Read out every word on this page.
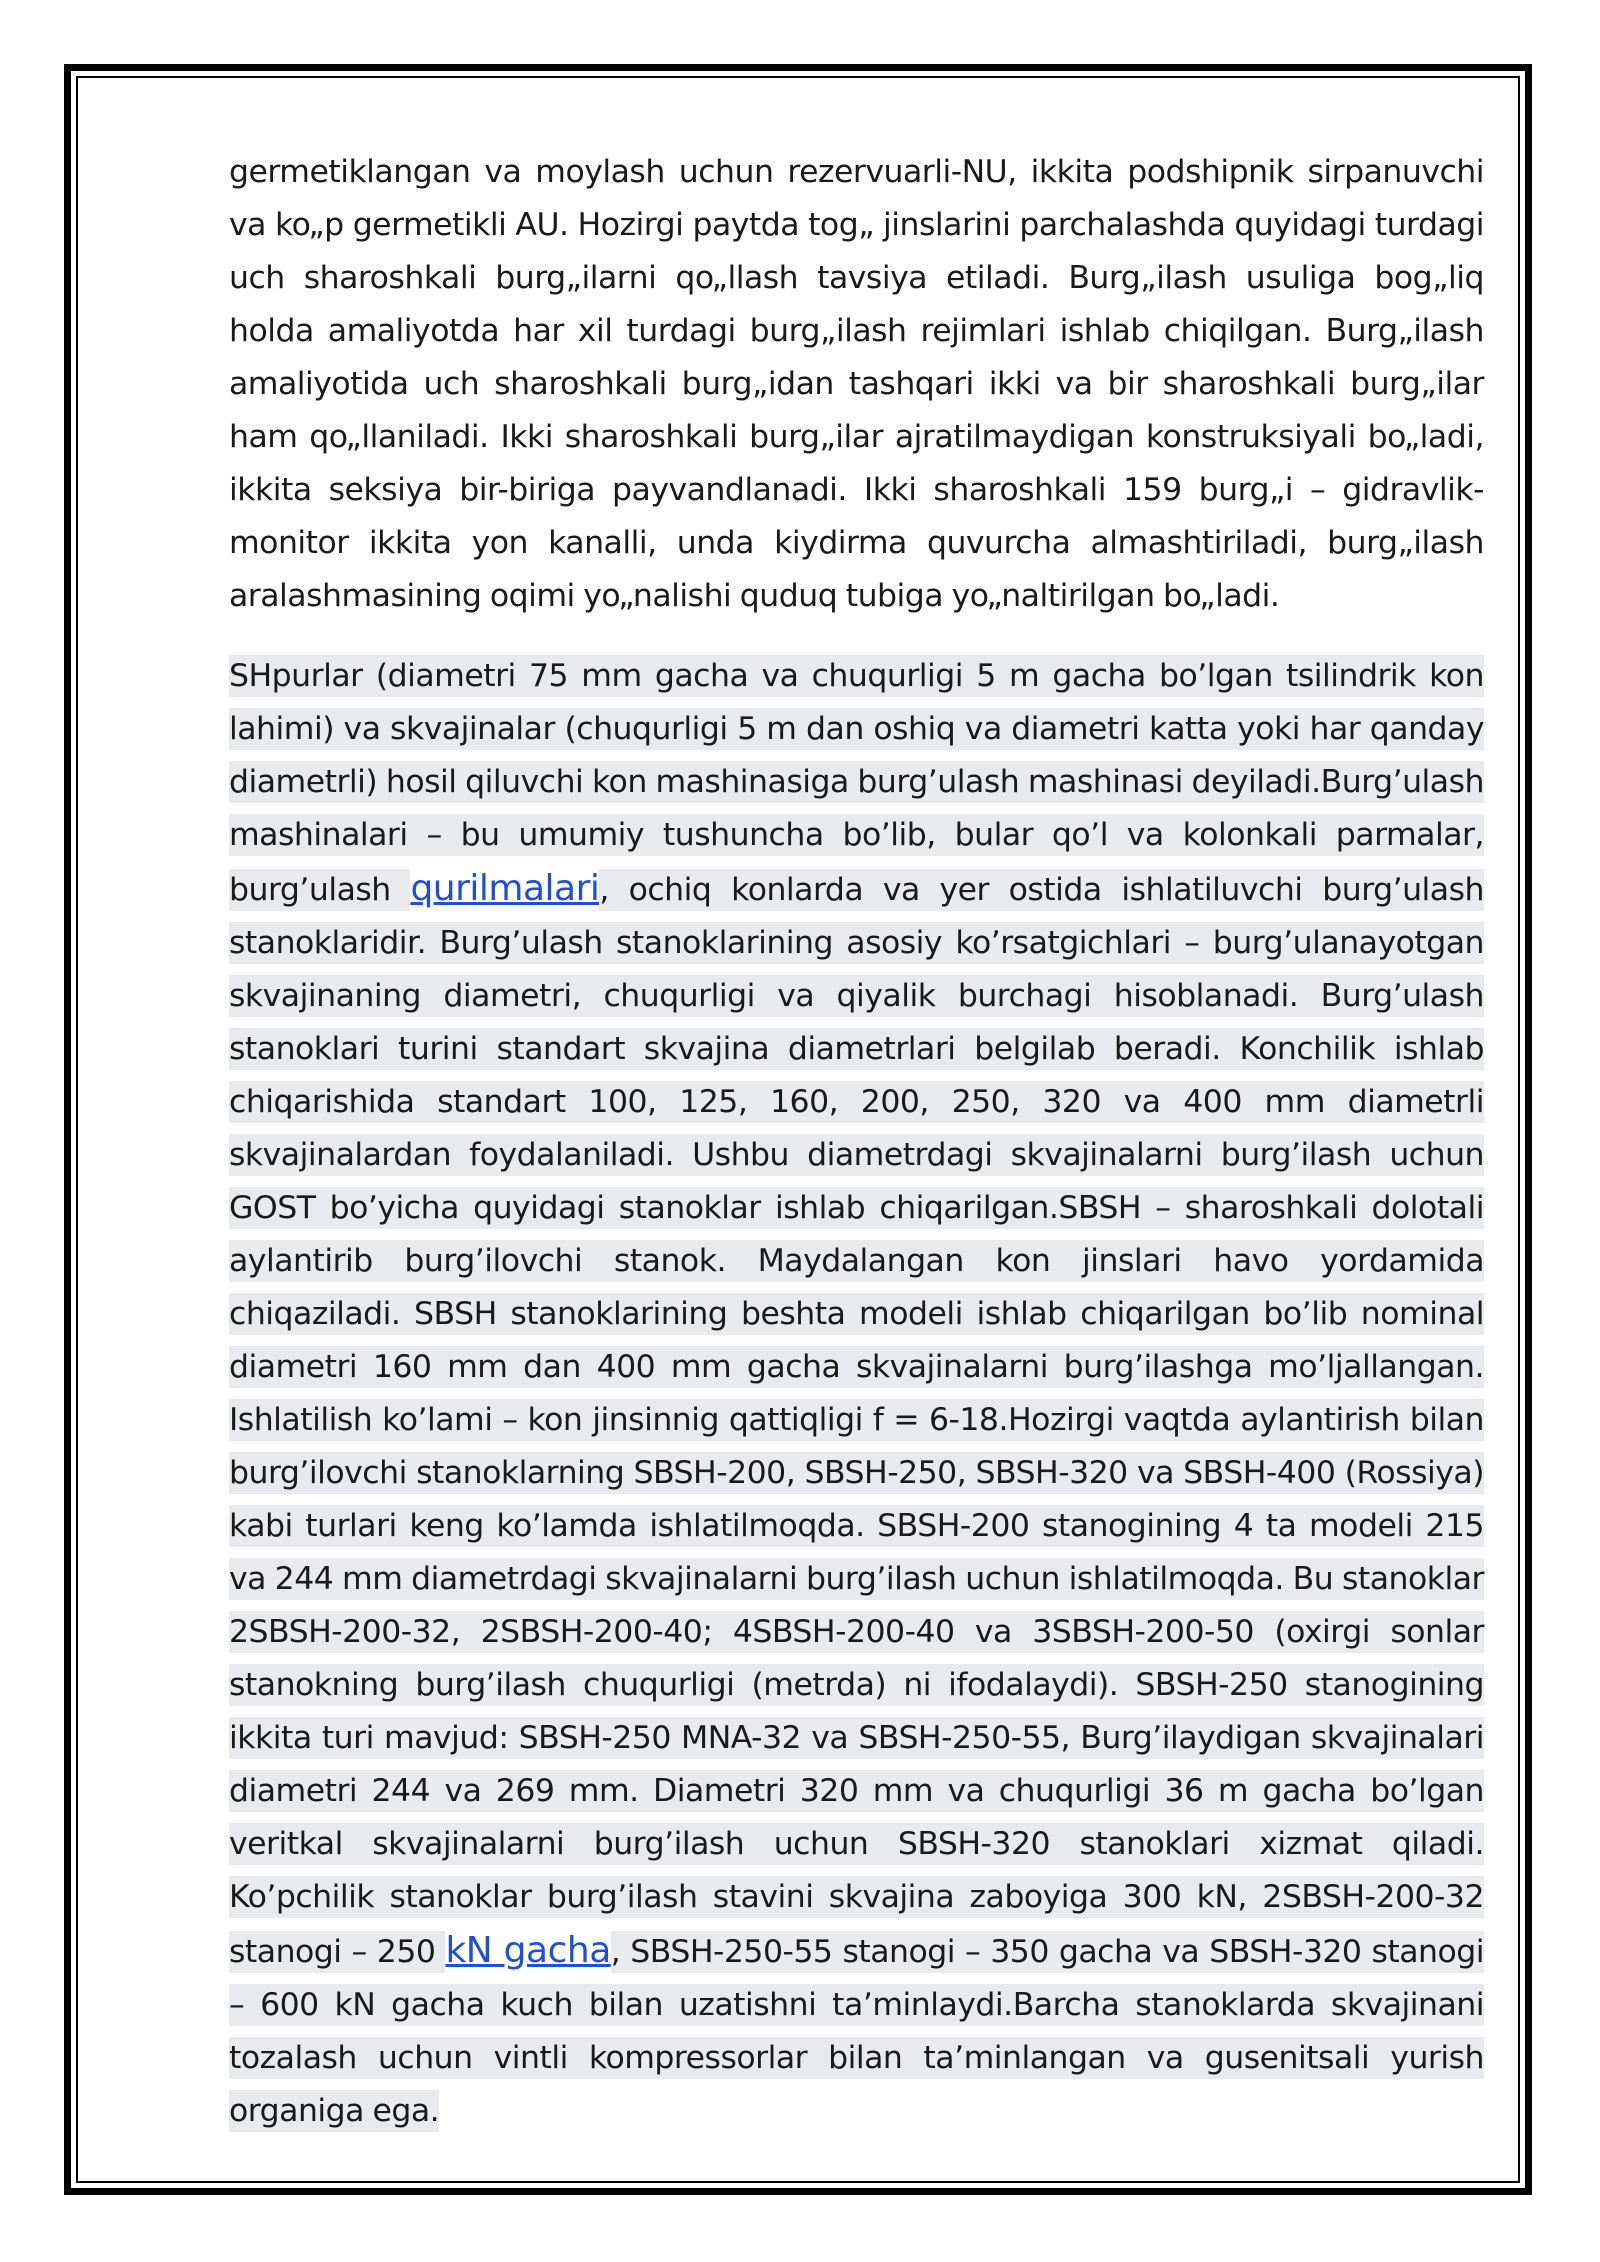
germetiklangan va moylash uchun rezervuarli-NU, ikkita podshipnik sirpanuvchi va ko„p germetikli AU. Hozirgi paytda tog„ jinslarini parchalashda quyidagi turdagi uch sharoshkali burg„ilarni qo„llash tavsiya etiladi. Burg„ilash usuliga bog„liq holda amaliyotda har xil turdagi burg„ilash rejimlari ishlab chiqilgan. Burg„ilash amaliyotida uch sharoshkali burg„idan tashqari ikki va bir sharoshkali burg„ilar ham qo„llaniladi. Ikki sharoshkali burg„ilar ajratilmaydigan konstruksiyali bo„ladi, ikkita seksiya bir-biriga payvandlanadi. Ikki sharoshkali 159 burg„i – gidravlik-monitor ikkita yon kanalli, unda kiydirma quvurcha almashtiriladi, burg„ilash aralashmasining oqimi yo„nalishi quduq tubiga yo„naltirilgan bo„ladi.

SHpurlar (diametri 75 mm gacha va chuqurligi 5 m gacha bo’lgan tsilindrik kon lahimi) va skvajinalar (chuqurligi 5 m dan oshiq va diametri katta yoki har qanday diametrli) hosil qiluvchi kon mashinasiga burg’ulash mashinasi deyiladi.Burg’ulash mashinalari – bu umumiy tushuncha bo’lib, bular qo’l va kolonkali parmalar, burg’ulash qurilmalari, ochiq konlarda va yer ostida ishlatiluvchi burg’ulash stanoklaridir. Burg’ulash stanoklarining asosiy ko’rsatgichlari – burg’ulanayotgan skvajinaning diametri, chuqurligi va qiyalik burchagi hisoblanadi. Burg’ulash stanoklari turini standart skvajina diametrlari belgilab beradi. Konchilik ishlab chiqarishida standart 100, 125, 160, 200, 250, 320 va 400 mm diametrli skvajinalardan foydalaniladi. Ushbu diametrdagi skvajinalarni burg’ilash uchun GOST bo’yicha quyidagi stanoklar ishlab chiqarilgan.SBSH – sharoshkali dolotali aylantirib burg’ilovchi stanok. Maydalangan kon jinslari havo yordamida chiqaziladi. SBSH stanoklarining beshta modeli ishlab chiqarilgan bo’lib nominal diametri 160 mm dan 400 mm gacha skvajinalarni burg’ilashga mo’ljallangan. Ishlatilish ko’lami – kon jinsinnig qattiqligi f = 6-18.Hozirgi vaqtda aylantirish bilan burg’ilovchi stanoklarning SBSH-200, SBSH-250, SBSH-320 va SBSH-400 (Rossiya) kabi turlari keng ko’lamda ishlatilmoqda. SBSH-200 stanogining 4 ta modeli 215 va 244 mm diametrdagi skvajinalarni burg’ilash uchun ishlatilmoqda. Bu stanoklar 2SBSH-200-32, 2SBSH-200-40; 4SBSH-200-40 va 3SBSH-200-50 (oxirgi sonlar stanokning burg’ilash chuqurligi (metrda) ni ifodalaydi). SBSH-250 stanogining ikkita turi mavjud: SBSH-250 MNA-32 va SBSH-250-55, Burg’ilaydigan skvajinalari diametri 244 va 269 mm. Diametri 320 mm va chuqurligi 36 m gacha bo’lgan veritkal skvajinalarni burg’ilash uchun SBSH-320 stanoklari xizmat qiladi. Ko’pchilik stanoklar burg’ilash stavini skvajina zaboyiga 300 kN, 2SBSH-200-32 stanogi – 250 kN gacha, SBSH-250-55 stanogi – 350 gacha va SBSH-320 stanogi – 600 kN gacha kuch bilan uzatishni ta’minlaydi.Barcha stanoklarda skvajinani tozalash uchun vintli kompressorlar bilan ta’minlangan va gusenitsali yurish organiga ega.
